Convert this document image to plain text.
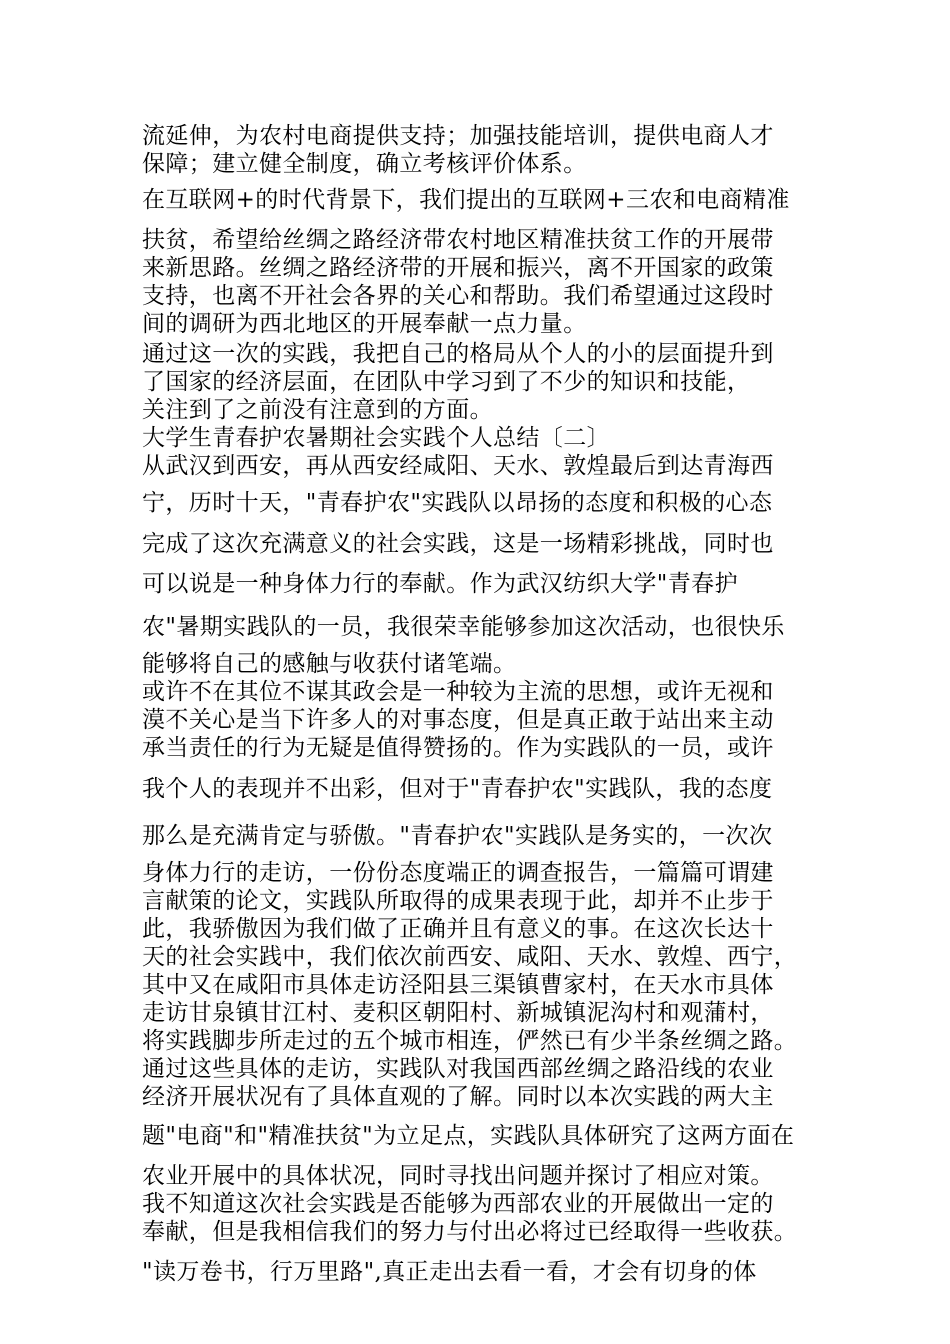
流延伸，为农村电商提供支持；加强技能培训，提供电商人才
保障；建立健全制度，确立考核评价体系。
在互联网+的时代背景下，我们提出的互联网+三农和电商精准
扶贫，希望给丝绸之路经济带农村地区精准扶贫工作的开展带
来新思路。丝绸之路经济带的开展和振兴，离不开国家的政策
支持，也离不开社会各界的关心和帮助。我们希望通过这段时
间的调研为西北地区的开展奉献一点力量。
通过这一次的实践，我把自己的格局从个人的小的层面提升到
了国家的经济层面，在团队中学习到了不少的知识和技能，
关注到了之前没有注意到的方面。
大学生青春护农暑期社会实践个人总结〔二〕
从武汉到西安，再从西安经咸阳、天水、敦煌最后到达青海西
宁，历时十天，"青春护农"实践队以昂扬的态度和积极的心态
完成了这次充满意义的社会实践，这是一场精彩挑战，同时也
可以说是一种身体力行的奉献。作为武汉纺织大学"青春护
农"暑期实践队的一员，我很荣幸能够参加这次活动，也很快乐
能够将自己的感触与收获付诸笔端。
或许不在其位不谋其政会是一种较为主流的思想，或许无视和
漠不关心是当下许多人的对事态度，但是真正敢于站出来主动
承当责任的行为无疑是值得赞扬的。作为实践队的一员，或许
我个人的表现并不出彩，但对于"青春护农"实践队，我的态度
那么是充满肯定与骄傲。"青春护农"实践队是务实的，一次次
身体力行的走访，一份份态度端正的调查报告，一篇篇可谓建
言献策的论文，实践队所取得的成果表现于此，却并不止步于
此，我骄傲因为我们做了正确并且有意义的事。在这次长达十
天的社会实践中，我们依次前西安、咸阳、天水、敦煌、西宁，
其中又在咸阳市具体走访泾阳县三渠镇曹家村，在天水市具体
走访甘泉镇甘江村、麦积区朝阳村、新城镇泥沟村和观蒲村，
将实践脚步所走过的五个城市相连，俨然已有少半条丝绸之路。
通过这些具体的走访，实践队对我国西部丝绸之路沿线的农业
经济开展状况有了具体直观的了解。同时以本次实践的两大主
题"电商"和"精准扶贫"为立足点，实践队具体研究了这两方面在
农业开展中的具体状况，同时寻找出问题并探讨了相应对策。
我不知道这次社会实践是否能够为西部农业的开展做出一定的
奉献，但是我相信我们的努力与付出必将过已经取得一些收获。
"读万卷书，行万里路",真正走出去看一看，才会有切身的体
